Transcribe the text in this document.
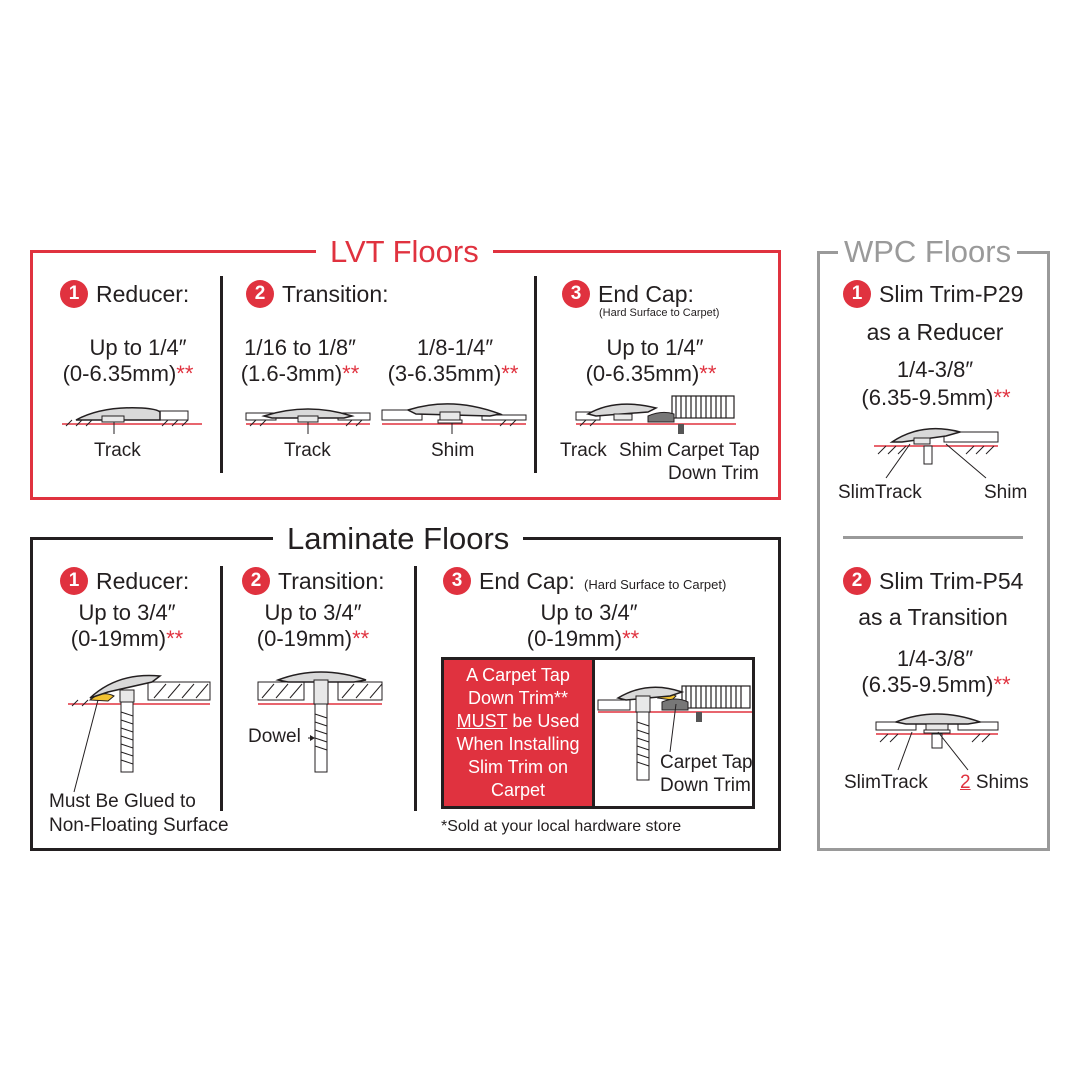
LVT Floors
1 Reducer:
Up to 1/4″
(0-6.35mm)**
Track
2 Transition:
1/16 to 1/8″
(1.6-3mm)**
1/8-1/4″
(3-6.35mm)**
Track	Shim
3 End Cap:
(Hard Surface to Carpet)
Up to 1/4″
(0-6.35mm)**
Track Shim Carpet Tap
Down Trim
Laminate Floors
1 Reducer:
Up to 3/4″
(0-19mm)**
Must Be Glued to
Non-Floating Surface
2 Transition:
Up to 3/4″
(0-19mm)**
Dowel
3 End Cap: (Hard Surface to Carpet)
Up to 3/4″
(0-19mm)**
A Carpet Tap
Down Trim**
MUST be Used
When Installing
Slim Trim on
Carpet
Carpet Tap
Down Trim
*Sold at your local hardware store
WPC Floors
1 Slim Trim-P29
as a Reducer
1/4-3/8″
(6.35-9.5mm)**
SlimTrack	Shim
2 Slim Trim-P54
as a Transition
1/4-3/8″
(6.35-9.5mm)**
SlimTrack 2 Shims
